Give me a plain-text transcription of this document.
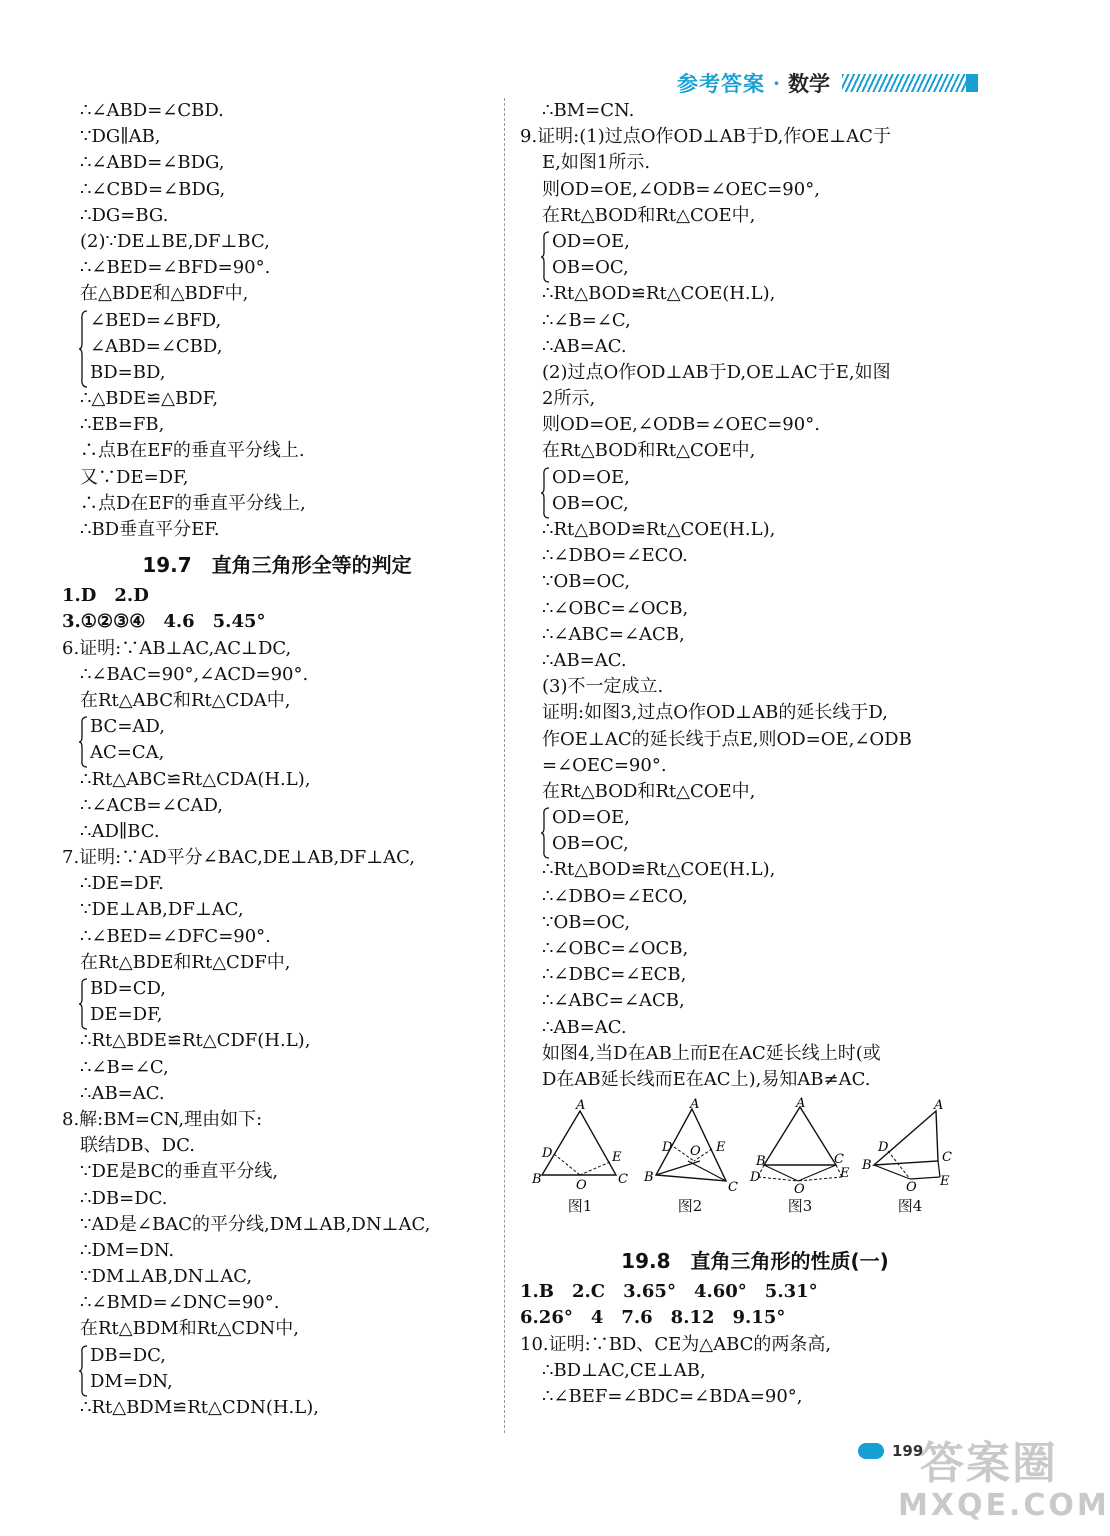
参考答案 · 数学
∴∠ABD=∠CBD.
∵DG∥AB,
∴∠ABD=∠BDG,
∴∠CBD=∠BDG,
∴DG=BG.
(2)∵DE⊥BE,DF⊥BC,
∴∠BED=∠BFD=90°.
在△BDE和△BDF中,
∠BED=∠BFD,
∠ABD=∠CBD,
BD=BD,
∴△BDE≌△BDF,
∴EB=FB,
∴点B在EF的垂直平分线上.
又∵DE=DF,
∴点D在EF的垂直平分线上,
∴BD垂直平分EF.
19.7　直角三角形全等的判定
1.D　2.D
3.①②③④　4.6　5.45°
6.证明:∵AB⊥AC,AC⊥DC,
∴∠BAC=90°,∠ACD=90°.
在Rt△ABC和Rt△CDA中,
BC=AD,
AC=CA,
∴Rt△ABC≌Rt△CDA(H.L),
∴∠ACB=∠CAD,
∴AD∥BC.
7.证明:∵AD平分∠BAC,DE⊥AB,DF⊥AC,
∴DE=DF.
∵DE⊥AB,DF⊥AC,
∴∠BED=∠DFC=90°.
在Rt△BDE和Rt△CDF中,
BD=CD,
DE=DF,
∴Rt△BDE≌Rt△CDF(H.L),
∴∠B=∠C,
∴AB=AC.
8.解:BM=CN,理由如下:
联结DB、DC.
∵DE是BC的垂直平分线,
∴DB=DC.
∵AD是∠BAC的平分线,DM⊥AB,DN⊥AC,
∴DM=DN.
∵DM⊥AB,DN⊥AC,
∴∠BMD=∠DNC=90°.
在Rt△BDM和Rt△CDN中,
DB=DC,
DM=DN,
∴Rt△BDM≌Rt△CDN(H.L),
∴BM=CN.
9.证明:(1)过点O作OD⊥AB于D,作OE⊥AC于
E,如图1所示.
则OD=OE,∠ODB=∠OEC=90°,
在Rt△BOD和Rt△COE中,
OD=OE,
OB=OC,
∴Rt△BOD≌Rt△COE(H.L),
∴∠B=∠C,
∴AB=AC.
(2)过点O作OD⊥AB于D,OE⊥AC于E,如图
2所示,
则OD=OE,∠ODB=∠OEC=90°.
在Rt△BOD和Rt△COE中,
OD=OE,
OB=OC,
∴Rt△BOD≌Rt△COE(H.L),
∴∠DBO=∠ECO.
∵OB=OC,
∴∠OBC=∠OCB,
∴∠ABC=∠ACB,
∴AB=AC.
(3)不一定成立.
证明:如图3,过点O作OD⊥AB的延长线于D,
作OE⊥AC的延长线于点E,则OD=OE,∠ODB
=∠OEC=90°.
在Rt△BOD和Rt△COE中,
OD=OE,
OB=OC,
∴Rt△BOD≌Rt△COE(H.L),
∴∠DBO=∠ECO,
∵OB=OC,
∴∠OBC=∠OCB,
∴∠DBC=∠ECB,
∴∠ABC=∠ACB,
∴AB=AC.
如图4,当D在AB上而E在AC延长线上时(或
D在AB延长线而E在AC上),易知AB≠AC.
A
B	C
D	E
O
图1
A
B
C
D	E
O
图2
A
B	C
D	E
O
图3
A
B
C
D
E
O
图4
19.8　直角三角形的性质(一)
1.B　2.C　3.65°　4.60°　5.31°
6.26°　4　7.6　8.12　9.15°
10.证明:∵BD、CE为△ABC的两条高,
∴BD⊥AC,CE⊥AB,
∴∠BEF=∠BDC=∠BDA=90°,
199
答案圈
MXQE.COM
